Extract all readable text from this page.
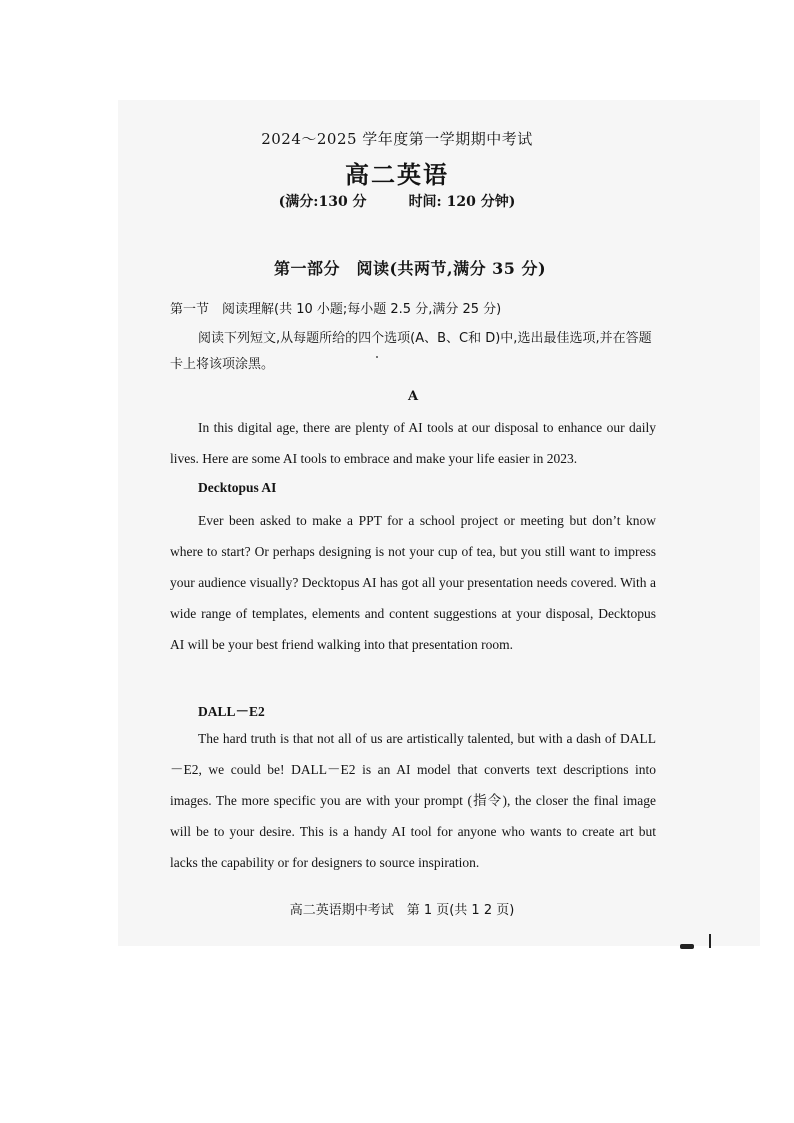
2024～2025 学年度第一学期期中考试
高二英语
(满分:130 分	时间: 120 分钟)
第一部分　阅读(共两节,满分 35 分)
第一节　阅读理解(共 10 小题;每小题 2.5 分,满分 25 分)
阅读下列短文,从每题所给的四个选项(A、B、C和 D)中,选出最佳选项,并在答题卡上将该项涂黑。
A
In this digital age, there are plenty of AI tools at our disposal to enhance our daily lives. Here are some AI tools to embrace and make your life easier in 2023.
Decktopus AI
Ever been asked to make a PPT for a school project or meeting but don’t know where to start? Or perhaps designing is not your cup of tea, but you still want to impress your audience visually? Decktopus AI has got all your presentation needs covered. With a wide range of templates, elements and content suggestions at your disposal, Decktopus AI will be your best friend walking into that presentation room.
DALL－E2
The hard truth is that not all of us are artistically talented, but with a dash of DALL－E2, we could be! DALL－E2 is an AI model that converts text descriptions into images. The more specific you are with your prompt (指令), the closer the final image will be to your desire. This is a handy AI tool for anyone who wants to create art but lacks the capability or for designers to source inspiration.
高二英语期中考试　第 1 页(共 1 2 页)
